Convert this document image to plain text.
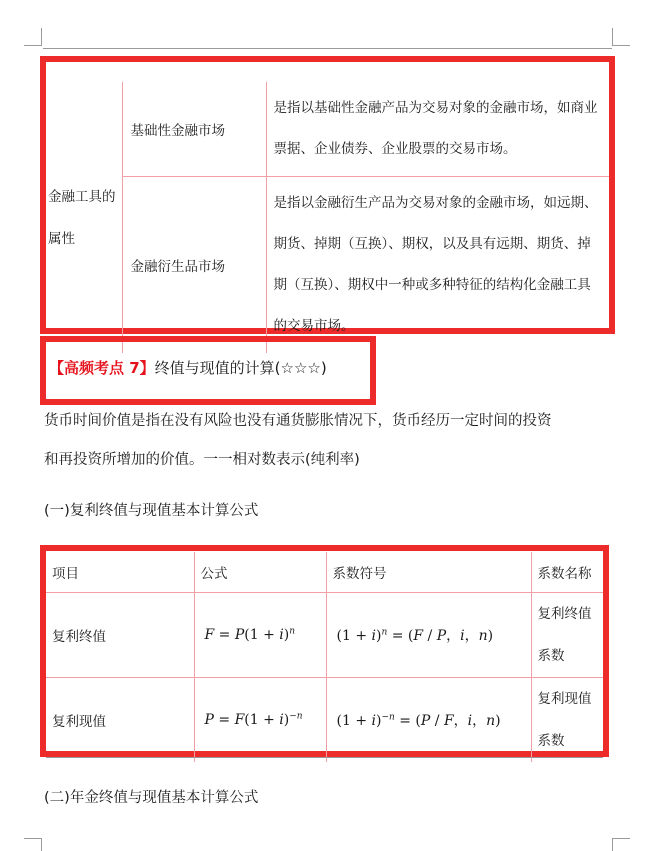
金融工具的属性	基础性金融市场	是指以基础性金融产品为交易对象的金融市场，如商业票据、企业债券、企业股票的交易市场。
	金融衍生品市场	是指以金融衍生产品为交易对象的金融市场，如远期、期货、掉期（互换）、期权，以及具有远期、期货、掉期（互换）、期权中一种或多种特征的结构化金融工具的交易市场。
【高频考点 7】终值与现值的计算(☆☆☆)
货币时间价值是指在没有风险也没有通货膨胀情况下，货币经历一定时间的投资
和再投资所增加的价值。一一相对数表示(纯利率)
(一)复利终值与现值基本计算公式
项目	公式	系数符号	系数名称
复利终值	$F = P(1 + i)^n$	$(1 + i)^n = (F / P$，i，n)	复利终值系数
复利现值	$P = F(1 + i)^{-n}$	$(1 + i)^{-n} = (P / F$，i，n)	复利现值系数
(二)年金终值与现值基本计算公式
